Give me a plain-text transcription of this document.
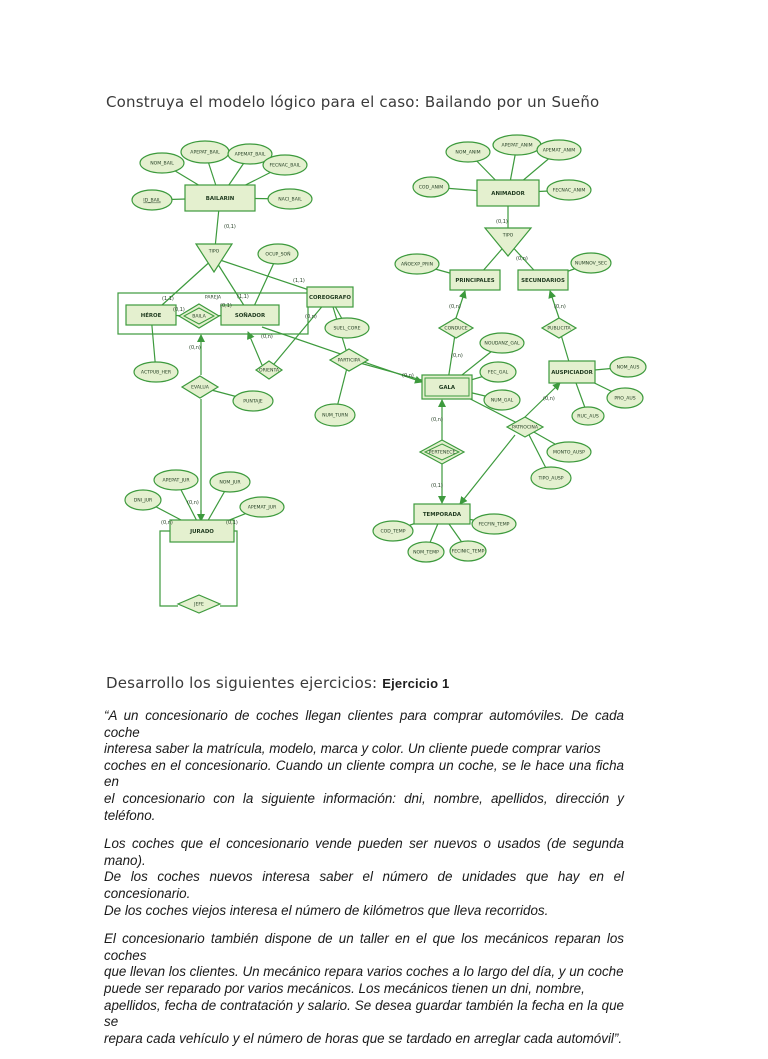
Construya el modelo lógico para el caso: Bailando por un Sueño
PAREJA
BAILARIN
NOM_BAIL
APEPAT_BAIL	APEMAT_BAIL
FECNAC_BAIL
ID_BAIL	NACI_BAIL
TIPO
HÉROE	SOÑADOR
BAILA
OCUP_SOÑ
COREOGRAFO
SUEL_CORE
ACTPUB_HER
EVALUA
PUNTAJE
ORIENTA
PARTICIPA
NUM_TURN
ANIMADOR
NOM_ANIM
APEPAT_ANIM
APEMAT_ANIM
COD_ANIM
FECNAC_ANIM
TIPO
PRINCIPALES	SECUNDARIOS
AÑOEXP_PRIN	NUMNOV_SEC
CONDUCE	PUBLICITA
NOUDANZ_GAL
GALA
FEC_GAL
NUM_GAL
AUSPICIADOR
NOM_AUS
PRO_AUS
RUC_AUS
PATROCINA
MONTO_AUSP
TIPO_AUSP
PERTENECE
TEMPORADA
COD_TEMP
FECFIN_TEMP
NOM_TEMP	FECINIC_TEMP
JURADO
APEPAT_JUR	NOM_JUR
DNI_JUR
APEMAT_JUR
JEFE
(0,1)
(0,1)
(1,1)
(0,1)
(0,1)
(1,1)
(1,1)
(0,n)
(0,n)
(0,n)
(0,n)
(0,n)
(0,n)
(0,n)
(0,n)
(0,n)
(0,n)
(0,1)
(0,n)
(0,n)	(0,1)
Desarrollo los siguientes ejercicios: Ejercicio 1

“A un concesionario de coches llegan clientes para comprar automóviles. De cada coche
interesa saber la matrícula, modelo, marca y color. Un cliente puede comprar varios
coches en el concesionario. Cuando un cliente compra un coche, se le hace una ficha en
el concesionario con la siguiente información: dni, nombre, apellidos, dirección y teléfono.

Los coches que el concesionario vende pueden ser nuevos o usados (de segunda mano).
De los coches nuevos interesa saber el número de unidades que hay en el concesionario.
De los coches viejos interesa el número de kilómetros que lleva recorridos.

El concesionario también dispone de un taller en el que los mecánicos reparan los coches
que llevan los clientes. Un mecánico repara varios coches a lo largo del día, y un coche
puede ser reparado por varios mecánicos. Los mecánicos tienen un dni, nombre,
apellidos, fecha de contratación y salario. Se desea guardar también la fecha en la que se
repara cada vehículo y el número de horas que se tardado en arreglar cada automóvil”.
